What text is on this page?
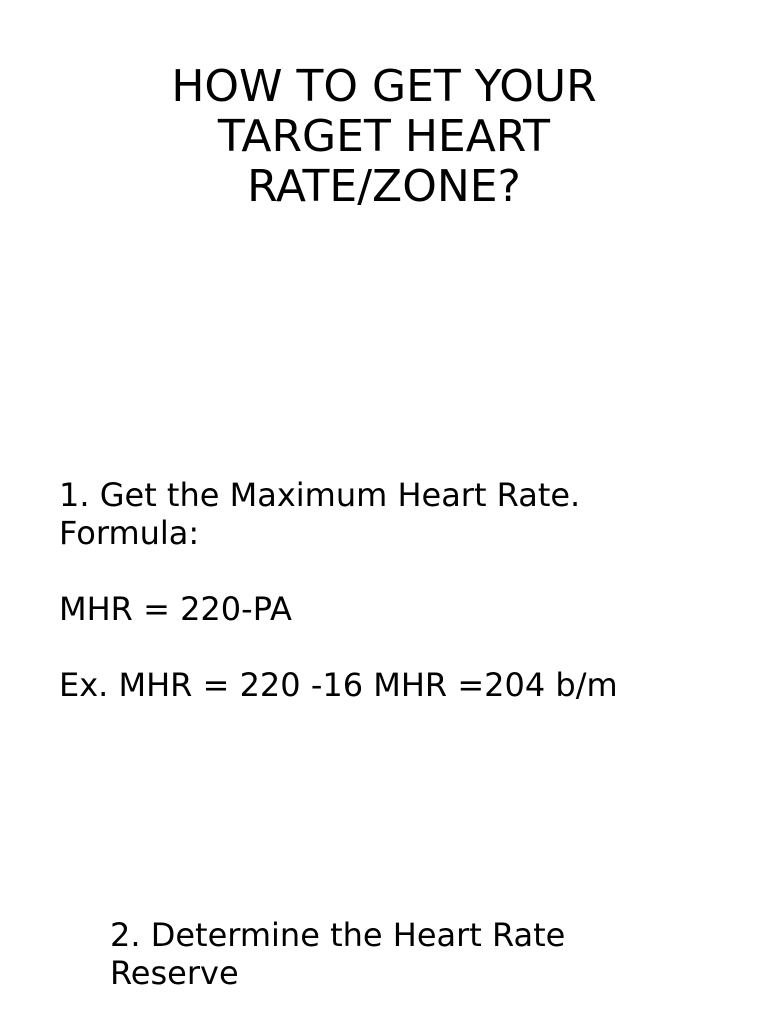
HOW TO GET YOUR
TARGET HEART
RATE/ZONE?
1. Get the Maximum Heart Rate.
Formula:
MHR = 220-PA
Ex. MHR = 220 -16 MHR =204 b/m
2. Determine the Heart Rate
Reserve
